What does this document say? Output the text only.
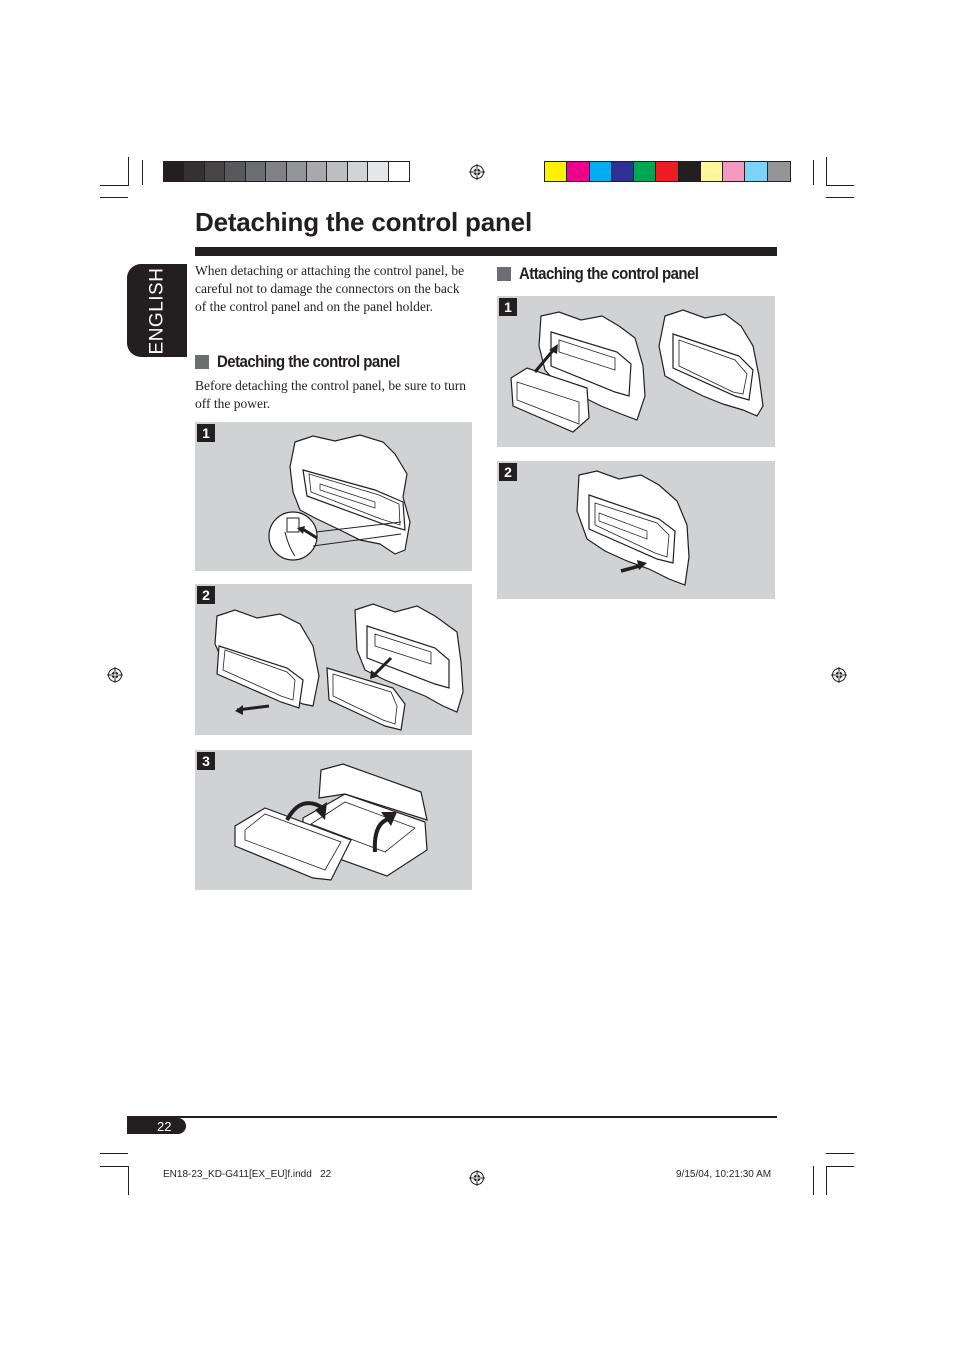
Detaching the control panel
ENGLISH When detaching or attaching the control panel, be careful not to damage the connectors on the back of the control panel and on the panel holder.

Detaching the control panel

Before detaching the control panel, be sure to turn off the power.

1
2
3
Attaching the control panel
1
2
22
EN18-23_KD-G411[EX_EU]f.indd   22	9/15/04, 10:21:30 AM
